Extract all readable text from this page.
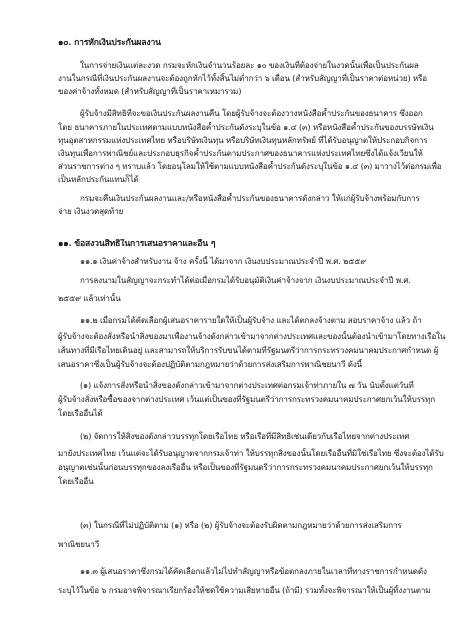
๑๐. การหักเงินประกันผลงาน
ในการจ่ายเงินแต่ละงวด กรมจะหักเงินจำนวนร้อยละ ๑๐ ของเงินที่ต้องจ่ายในงวดนั้นเพื่อเป็นประกันผล
งานในกรณีที่เงินประกันผลงานจะต้องถูกหักไว้ทั้งสิ้นไม่ต่ำกว่า ๖ เดือน (สำหรับสัญญาที่เป็นราคาต่อหน่วย) หรือ
ของค่าจ้างทั้งหมด (สำหรับสัญญาที่เป็นราคาเหมารวม)
ผู้รับจ้างมีสิทธิที่จะขอเงินประกันผลงานคืน โดยผู้รับจ้างจะต้องวางหนังสือค้ำประกันของธนาคาร ซึ่งออก
โดย ธนาคารภายในประเทศตามแบบหนังสือค้ำประกันดังระบุในข้อ ๑.๔ (๓) หรือหนังสือค้ำประกันของบรรษัทเงิน
ทุนอุตสาหกรรมแห่งประเทศไทย หรือบริษัทเงินทุน หรือบริษัทเงินทุนหลักทรัพย์ ที่ได้รับอนุญาตให้ประกอบกิจการ
เงินทุนเพื่อการพาณิชย์และประกอบธุรกิจค้ำประกันตามประกาศของธนาคารแห่งประเทศไทยซึ่งได้แจ้งเวียนให้
ส่วนราชการต่าง ๆ ทราบแล้ว โดยอนุโลมให้ใช้ตามแบบหนังสือค้ำประกันดังระบุในข้อ ๑.๔ (๓) มาวางไว้ต่อกรมเพื่อ
เป็นหลักประกันแทนก็ได้
กรมจะคืนเงินประกันผลงานและ/หรือหนังสือค้ำประกันของธนาคารดังกล่าว ให้แก่ผู้รับจ้างพร้อมกับการ
จ่าย เงินงวดสุดท้าย
๑๑. ข้อสงวนสิทธิในการเสนอราคาและอื่น ๆ
๑๑.๑ เงินค่าจ้างสำหรับงาน จ้าง ครั้งนี้ ได้มาจาก เงินงบประมาณประจำปี พ.ศ. ๒๕๕๙
การลงนามในสัญญาจะกระทำได้ต่อเมื่อกรมได้รับอนุมัติเงินค่าจ้างจาก เงินงบประมาณประจำปี พ.ศ.
๒๕๕๙ แล้วเท่านั้น
๑๑.๒ เมื่อกรมได้คัดเลือกผู้เสนอราคารายใดให้เป็นผู้รับจ้าง และได้ตกลงจ้างตาม สอบราคาจ้าง แล้ว ถ้า
ผู้รับจ้างจะต้องสั่งหรือนำสิ่งของมาเพื่องานจ้างดังกล่าวเข้ามาจากต่างประเทศและของนั้นต้องนำเข้ามาโดยทางเรือใน
เส้นทางที่มีเรือไทยเดินอยู่ และสามารถให้บริการรับขนได้ตามที่รัฐมนตรีว่าการกระทรวงคมนาคมประกาศกำหนด ผู้
เสนอราคาซึ่งเป็นผู้รับจ้างจะต้องปฏิบัติตามกฎหมายว่าด้วยการส่งเสริมการพาณิชยนาวี ดังนี้
(๑) แจ้งการสั่งหรือนำสิ่งของดังกล่าวเข้ามาจากต่างประเทศต่อกรมเจ้าท่าภายใน ๗ วัน นับตั้งแต่วันที่
ผู้รับจ้างสั่งหรือซื้อของจากต่างประเทศ เว้นแต่เป็นของที่รัฐมนตรีว่าการกระทรวงคมนาคมประกาศยกเว้นให้บรรทุก
โดยเรืออื่นได้
(๒) จัดการให้สิ่งของดังกล่าวบรรทุกโดยเรือไทย หรือเรือที่มีสิทธิเช่นเดียวกับเรือไทยจากต่างประเทศ
มายังประเทศไทย เว้นแต่จะได้รับอนุญาตจากกรมเจ้าท่า ให้บรรทุกสิ่งของนั้นโดยเรืออื่นที่มิใช่เรือไทย ซึ่งจะต้องได้รับ
อนุญาตเช่นนั้นก่อนบรรทุกของลงเรืออื่น หรือเป็นของที่รัฐมนตรีว่าการกระทรวงคมนาคมประกาศยกเว้นให้บรรทุก
โดยเรืออื่น
(๓) ในกรณีที่ไม่ปฏิบัติตาม (๑) หรือ (๒) ผู้รับจ้างจะต้องรับผิดตามกฎหมายว่าด้วยการส่งเสริมการ
พาณิชยนาวี
๑๑.๓ ผู้เสนอราคาซึ่งกรมได้คัดเลือกแล้วไม่ไปทำสัญญาหรือข้อตกลงภายในเวลาที่ทางราชการกำหนดดัง
ระบุไว้ในข้อ ๖ กรมอาจพิจารณาเรียกร้องให้ชดใช้ความเสียหายอื่น (ถ้ามี) รวมทั้งจะพิจารณาให้เป็นผู้ทิ้งงานตาม
